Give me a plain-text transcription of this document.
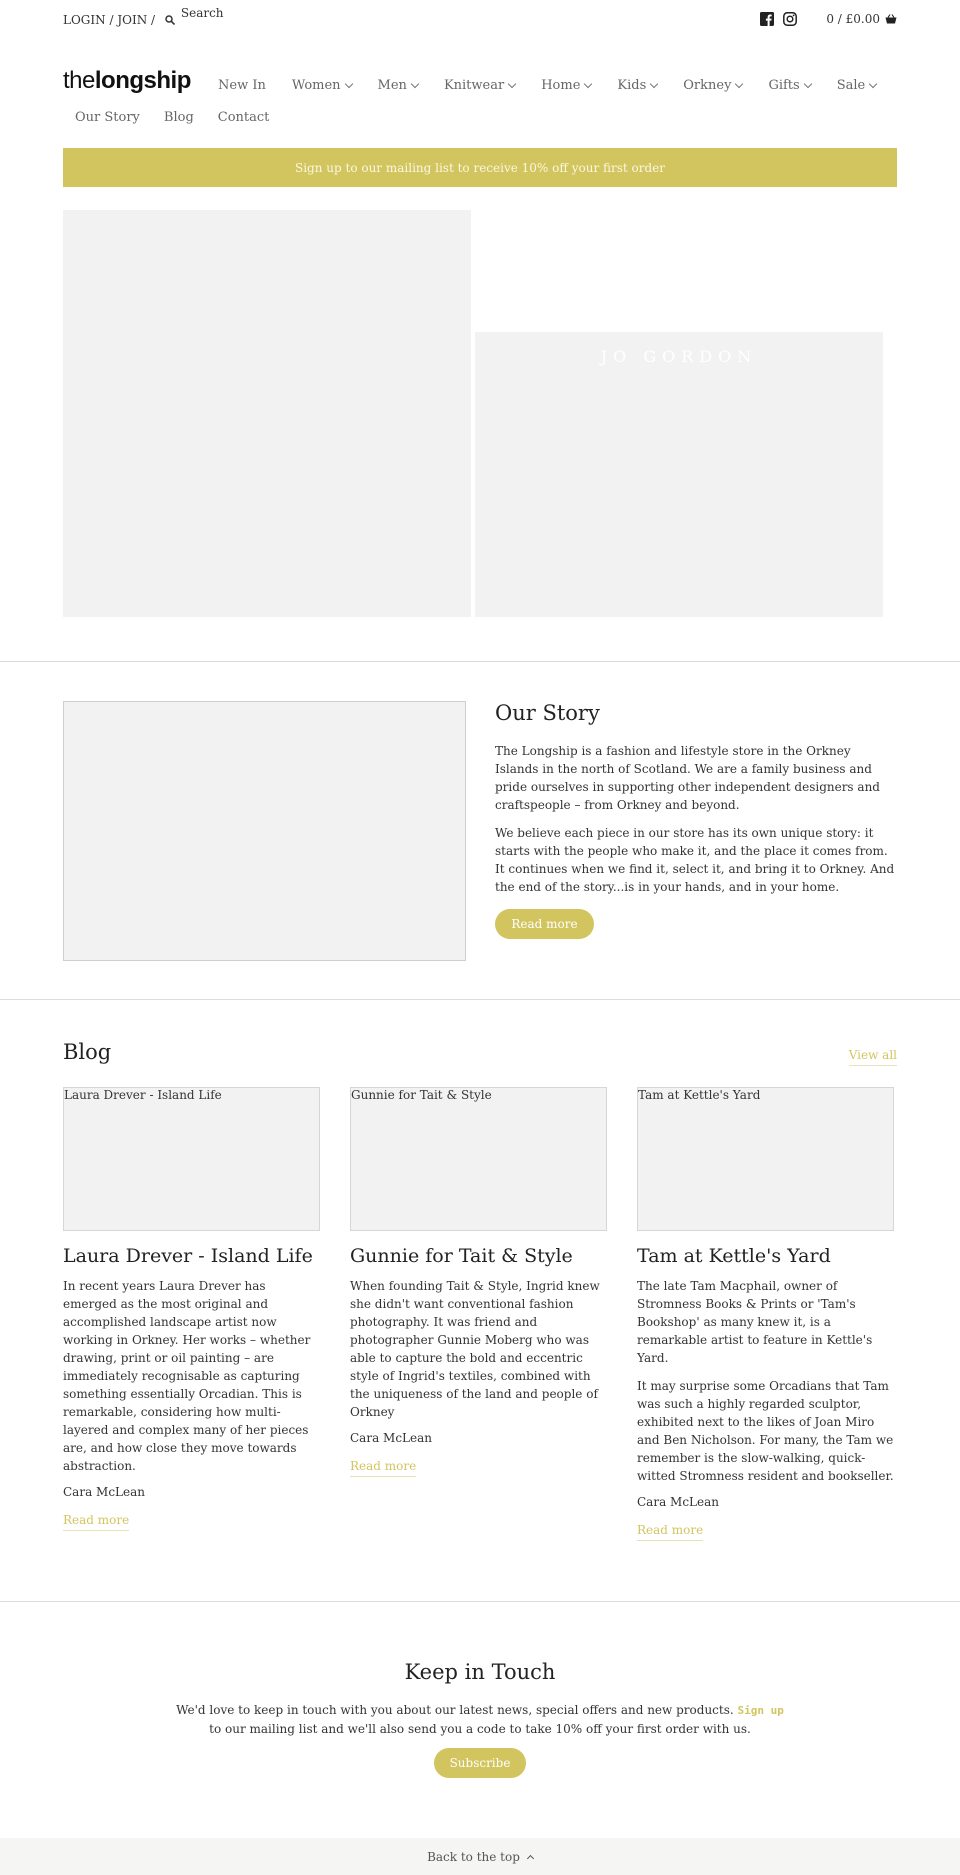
LOGIN / JOIN / Search	0 / £0.00
thelongship New In Women	Men	Knitwear	Home	Kids	Orkney	Gifts	Sale
Our Story Blog Contact
Sign up to our mailing list to receive 10% off your first order
JO GORDON
Our Story

The Longship is a fashion and lifestyle store in the Orkney Islands in the north of Scotland. We are a family business and pride ourselves in supporting other independent designers and craftspeople – from Orkney and beyond.

We believe each piece in our store has its own unique story: it starts with the people who make it, and the place it comes from. It continues when we find it, select it, and bring it to Orkney. And the end of the story...is in your hands, and in your home.

Read more
Blog	View all
Laura Drever - Island Life
Laura Drever - Island Life

In recent years Laura Drever has emerged as the most original and accomplished landscape artist now working in Orkney. Her works – whether drawing, print or oil painting – are immediately recognisable as capturing something essentially Orcadian. This is remarkable, considering how multi-layered and complex many of her pieces are, and how close they move towards abstraction.

Cara McLean
Read more
Gunnie for Tait & Style
Gunnie for Tait & Style

When founding Tait & Style, Ingrid knew she didn't want conventional fashion photography. It was friend and photographer Gunnie Moberg who was able to capture the bold and eccentric style of Ingrid's textiles, combined with the uniqueness of the land and people of Orkney

Cara McLean
Read more
Tam at Kettle's Yard
Tam at Kettle's Yard

The late Tam Macphail, owner of Stromness Books & Prints or 'Tam's Bookshop' as many knew it, is a remarkable artist to feature in Kettle's Yard.

It may surprise some Orcadians that Tam was such a highly regarded sculptor, exhibited next to the likes of Joan Miro and Ben Nicholson. For many, the Tam we remember is the slow-walking, quick-witted Stromness resident and bookseller.

Cara McLean
Read more
Keep in Touch
We'd love to keep in touch with you about our latest news, special offers and new products. Sign up to our mailing list and we'll also send you a code to take 10% off your first order with us.
Subscribe
Back to the top
